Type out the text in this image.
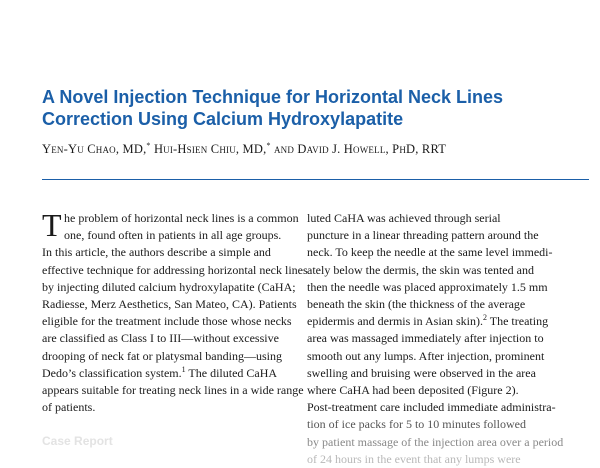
A Novel Injection Technique for Horizontal Neck Lines
Correction Using Calcium Hydroxylapatite
Yen-Yu Chao, MD,* Hui-Hsien Chiu, MD,* and David J. Howell, PhD, RRT
T he problem of horizontal neck lines is a common
one, found often in patients in all age groups.
In this article, the authors describe a simple and
effective technique for addressing horizontal neck lines
by injecting diluted calcium hydroxylapatite (CaHA;
Radiesse, Merz Aesthetics, San Mateo, CA). Patients
eligible for the treatment include those whose necks
are classified as Class I to III—without excessive
drooping of neck fat or platysmal banding—using
Dedo’s classification system.$^1$ The diluted CaHA
appears suitable for treating neck lines in a wide range
of patients.
luted CaHA was achieved through serial
puncture in a linear threading pattern around the
neck. To keep the needle at the same level immedi-
ately below the dermis, the skin was tented and
then the needle was placed approximately 1.5 mm
beneath the skin (the thickness of the average
epidermis and dermis in Asian skin).$^2$ The treating
area was massaged immediately after injection to
smooth out any lumps. After injection, prominent
swelling and bruising were observed in the area
where CaHA had been deposited (Figure 2).
Post-treatment care included immediate administra-
tion of ice packs for 5 to 10 minutes followed
by patient massage of the injection area over a period
of 24 hours in the event that any lumps were
Case Report
